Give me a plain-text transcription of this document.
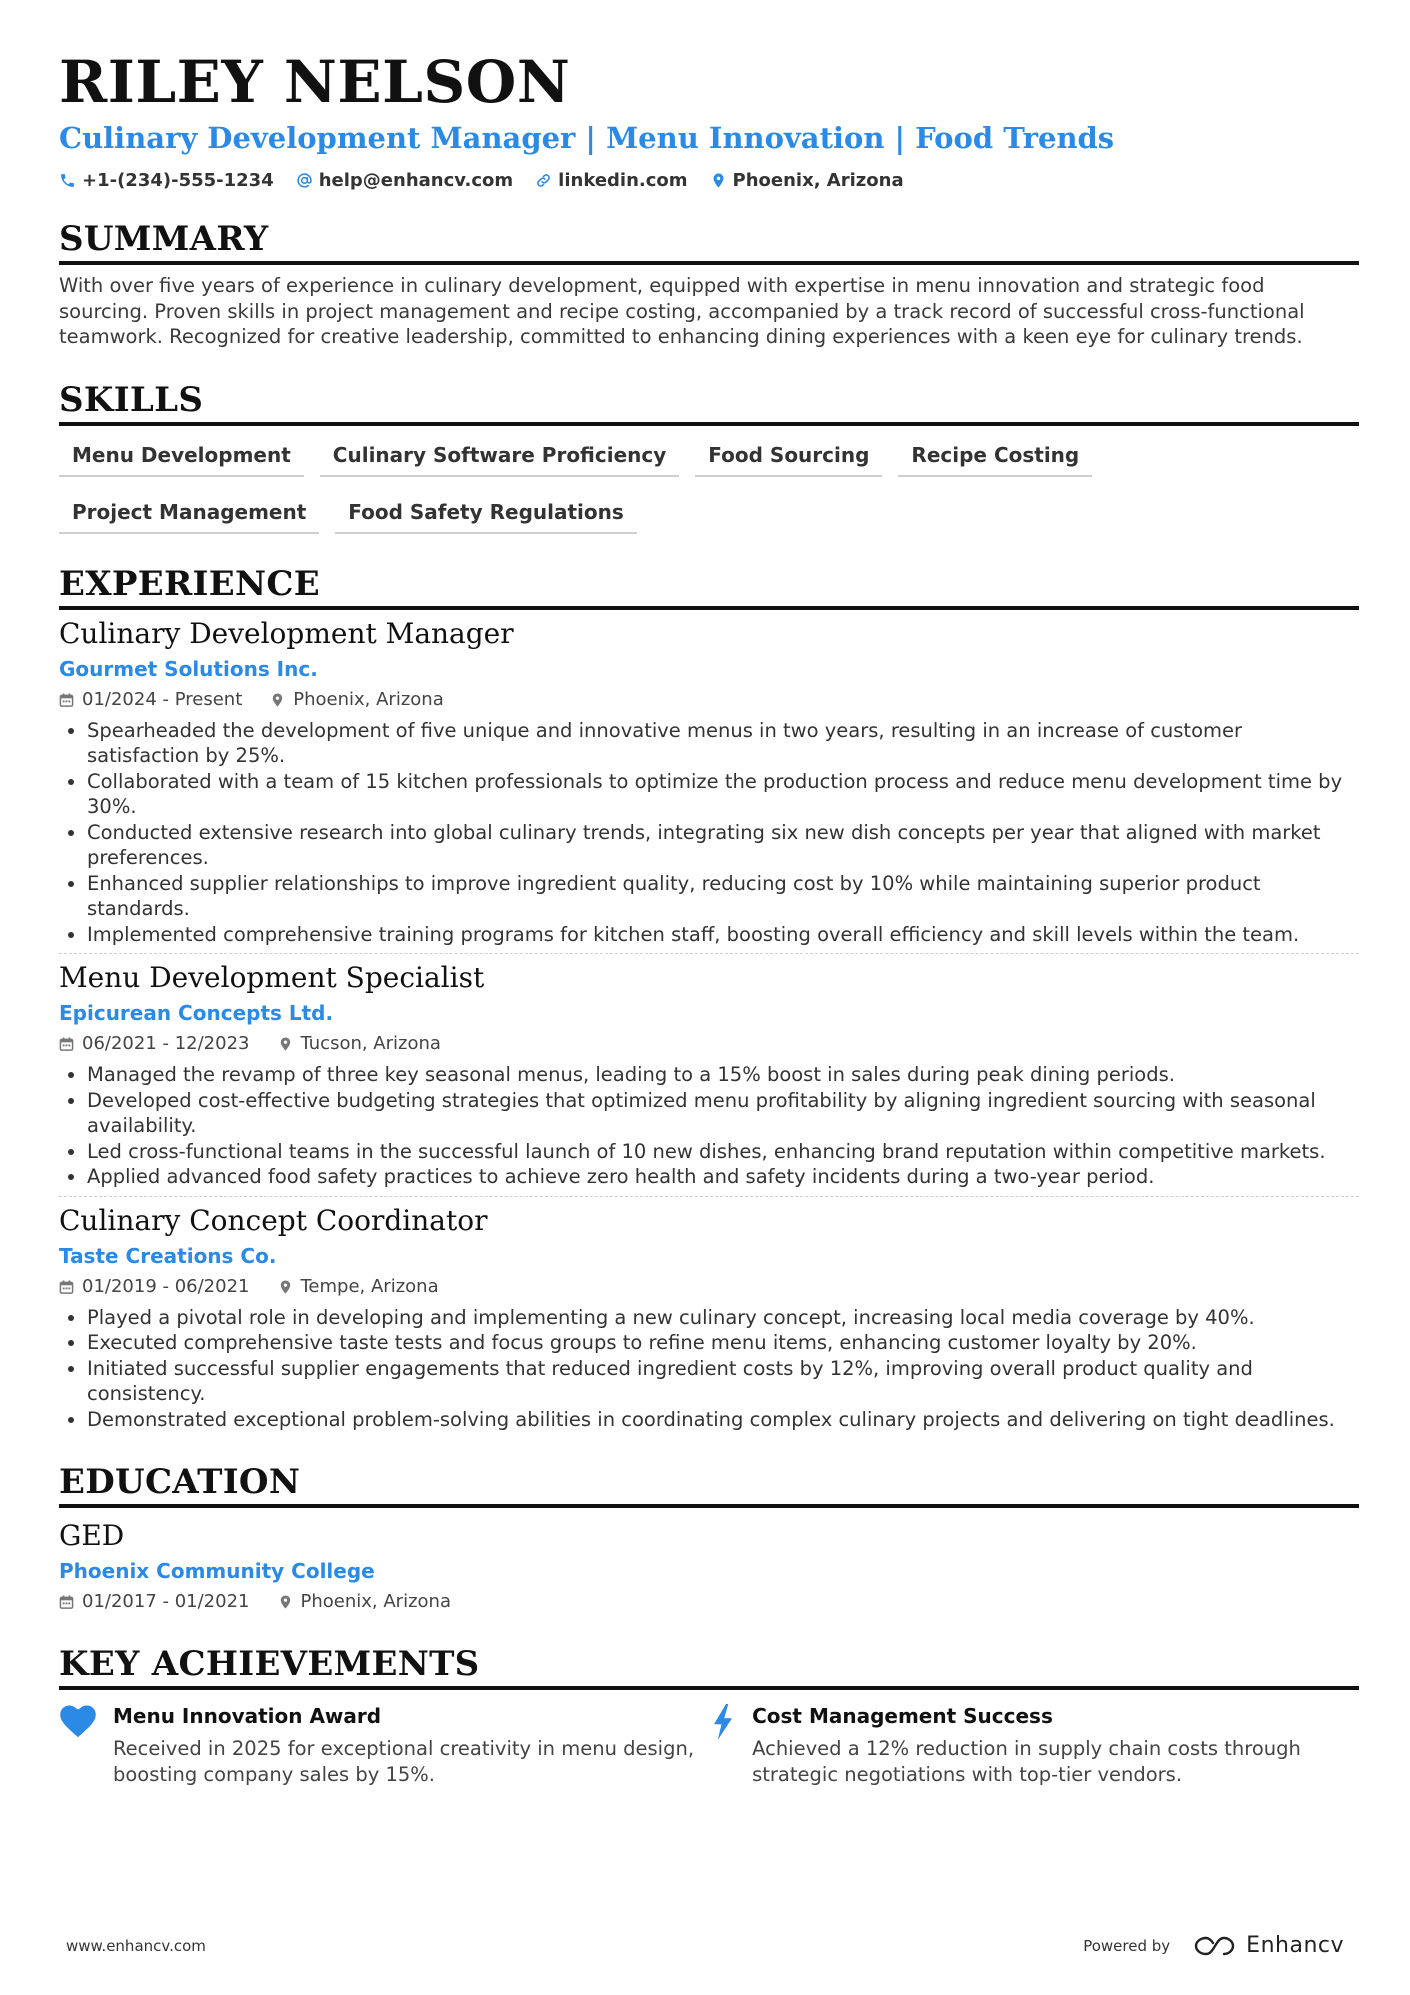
RILEY NELSON
Culinary Development Manager | Menu Innovation | Food Trends
+1-(234)-555-1234	help@enhancv.com	linkedin.com	Phoenix, Arizona
SUMMARY
With over five years of experience in culinary development, equipped with expertise in menu innovation and strategic food sourcing. Proven skills in project management and recipe costing, accompanied by a track record of successful cross-functional teamwork. Recognized for creative leadership, committed to enhancing dining experiences with a keen eye for culinary trends.
SKILLS
Menu Development	Culinary Software Proficiency	Food Sourcing	Recipe Costing
Project Management	Food Safety Regulations
EXPERIENCE
Culinary Development Manager
Gourmet Solutions Inc.
01/2024 - Present	Phoenix, Arizona
• Spearheaded the development of five unique and innovative menus in two years, resulting in an increase of customer satisfaction by 25%.
• Collaborated with a team of 15 kitchen professionals to optimize the production process and reduce menu development time by 30%.
• Conducted extensive research into global culinary trends, integrating six new dish concepts per year that aligned with market preferences.
• Enhanced supplier relationships to improve ingredient quality, reducing cost by 10% while maintaining superior product standards.
• Implemented comprehensive training programs for kitchen staff, boosting overall efficiency and skill levels within the team.
Menu Development Specialist
Epicurean Concepts Ltd.
06/2021 - 12/2023	Tucson, Arizona
• Managed the revamp of three key seasonal menus, leading to a 15% boost in sales during peak dining periods.
• Developed cost-effective budgeting strategies that optimized menu profitability by aligning ingredient sourcing with seasonal availability.
• Led cross-functional teams in the successful launch of 10 new dishes, enhancing brand reputation within competitive markets.
• Applied advanced food safety practices to achieve zero health and safety incidents during a two-year period.
Culinary Concept Coordinator
Taste Creations Co.
01/2019 - 06/2021	Tempe, Arizona
• Played a pivotal role in developing and implementing a new culinary concept, increasing local media coverage by 40%.
• Executed comprehensive taste tests and focus groups to refine menu items, enhancing customer loyalty by 20%.
• Initiated successful supplier engagements that reduced ingredient costs by 12%, improving overall product quality and consistency.
• Demonstrated exceptional problem-solving abilities in coordinating complex culinary projects and delivering on tight deadlines.
EDUCATION
GED
Phoenix Community College
01/2017 - 01/2021	Phoenix, Arizona
KEY ACHIEVEMENTS
Menu Innovation Award
Received in 2025 for exceptional creativity in menu design, boosting company sales by 15%.
Cost Management Success
Achieved a 12% reduction in supply chain costs through strategic negotiations with top-tier vendors.
www.enhancv.com	Powered by	Enhancv
